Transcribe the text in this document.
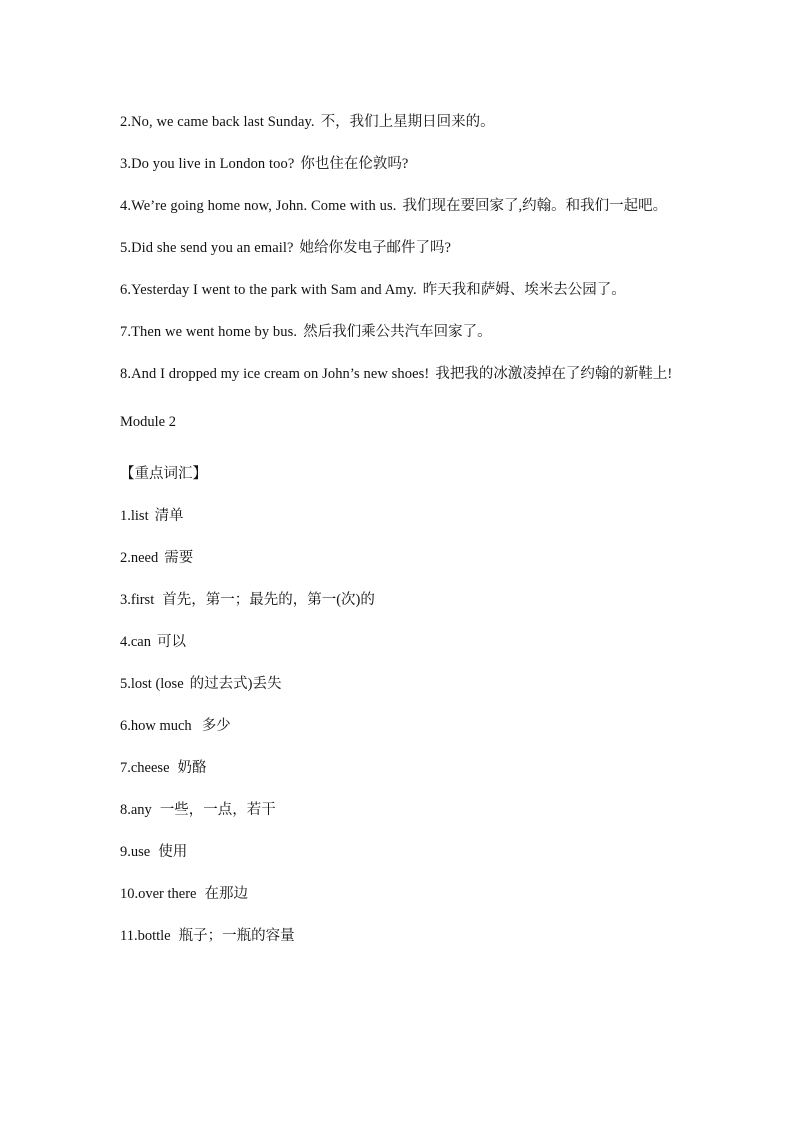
2.No, we came back last Sunday. 不，我们上星期日回来的。
3.Do you live in London too? 你也住在伦敦吗?
4.We’re going home now, John. Come with us. 我们现在要回家了,约翰。和我们一起吧。
5.Did she send you an email? 她给你发电子邮件了吗?
6.Yesterday I went to the park with Sam and Amy. 昨天我和萨姆、埃米去公园了。
7.Then we went home by bus. 然后我们乘公共汽车回家了。
8.And I dropped my ice cream on John’s new shoes! 我把我的冰激凌掉在了约翰的新鞋上!
Module 2
【重点词汇】
1.list 清单
2.need 需要
3.first 首先，第一；最先的，第一(次)的
4.can 可以
5.lost (lose 的过去式)丢失
6.how much 多少
7.cheese 奶酪
8.any 一些，一点，若干
9.use 使用
10.over there 在那边
11.bottle 瓶子；一瓶的容量
